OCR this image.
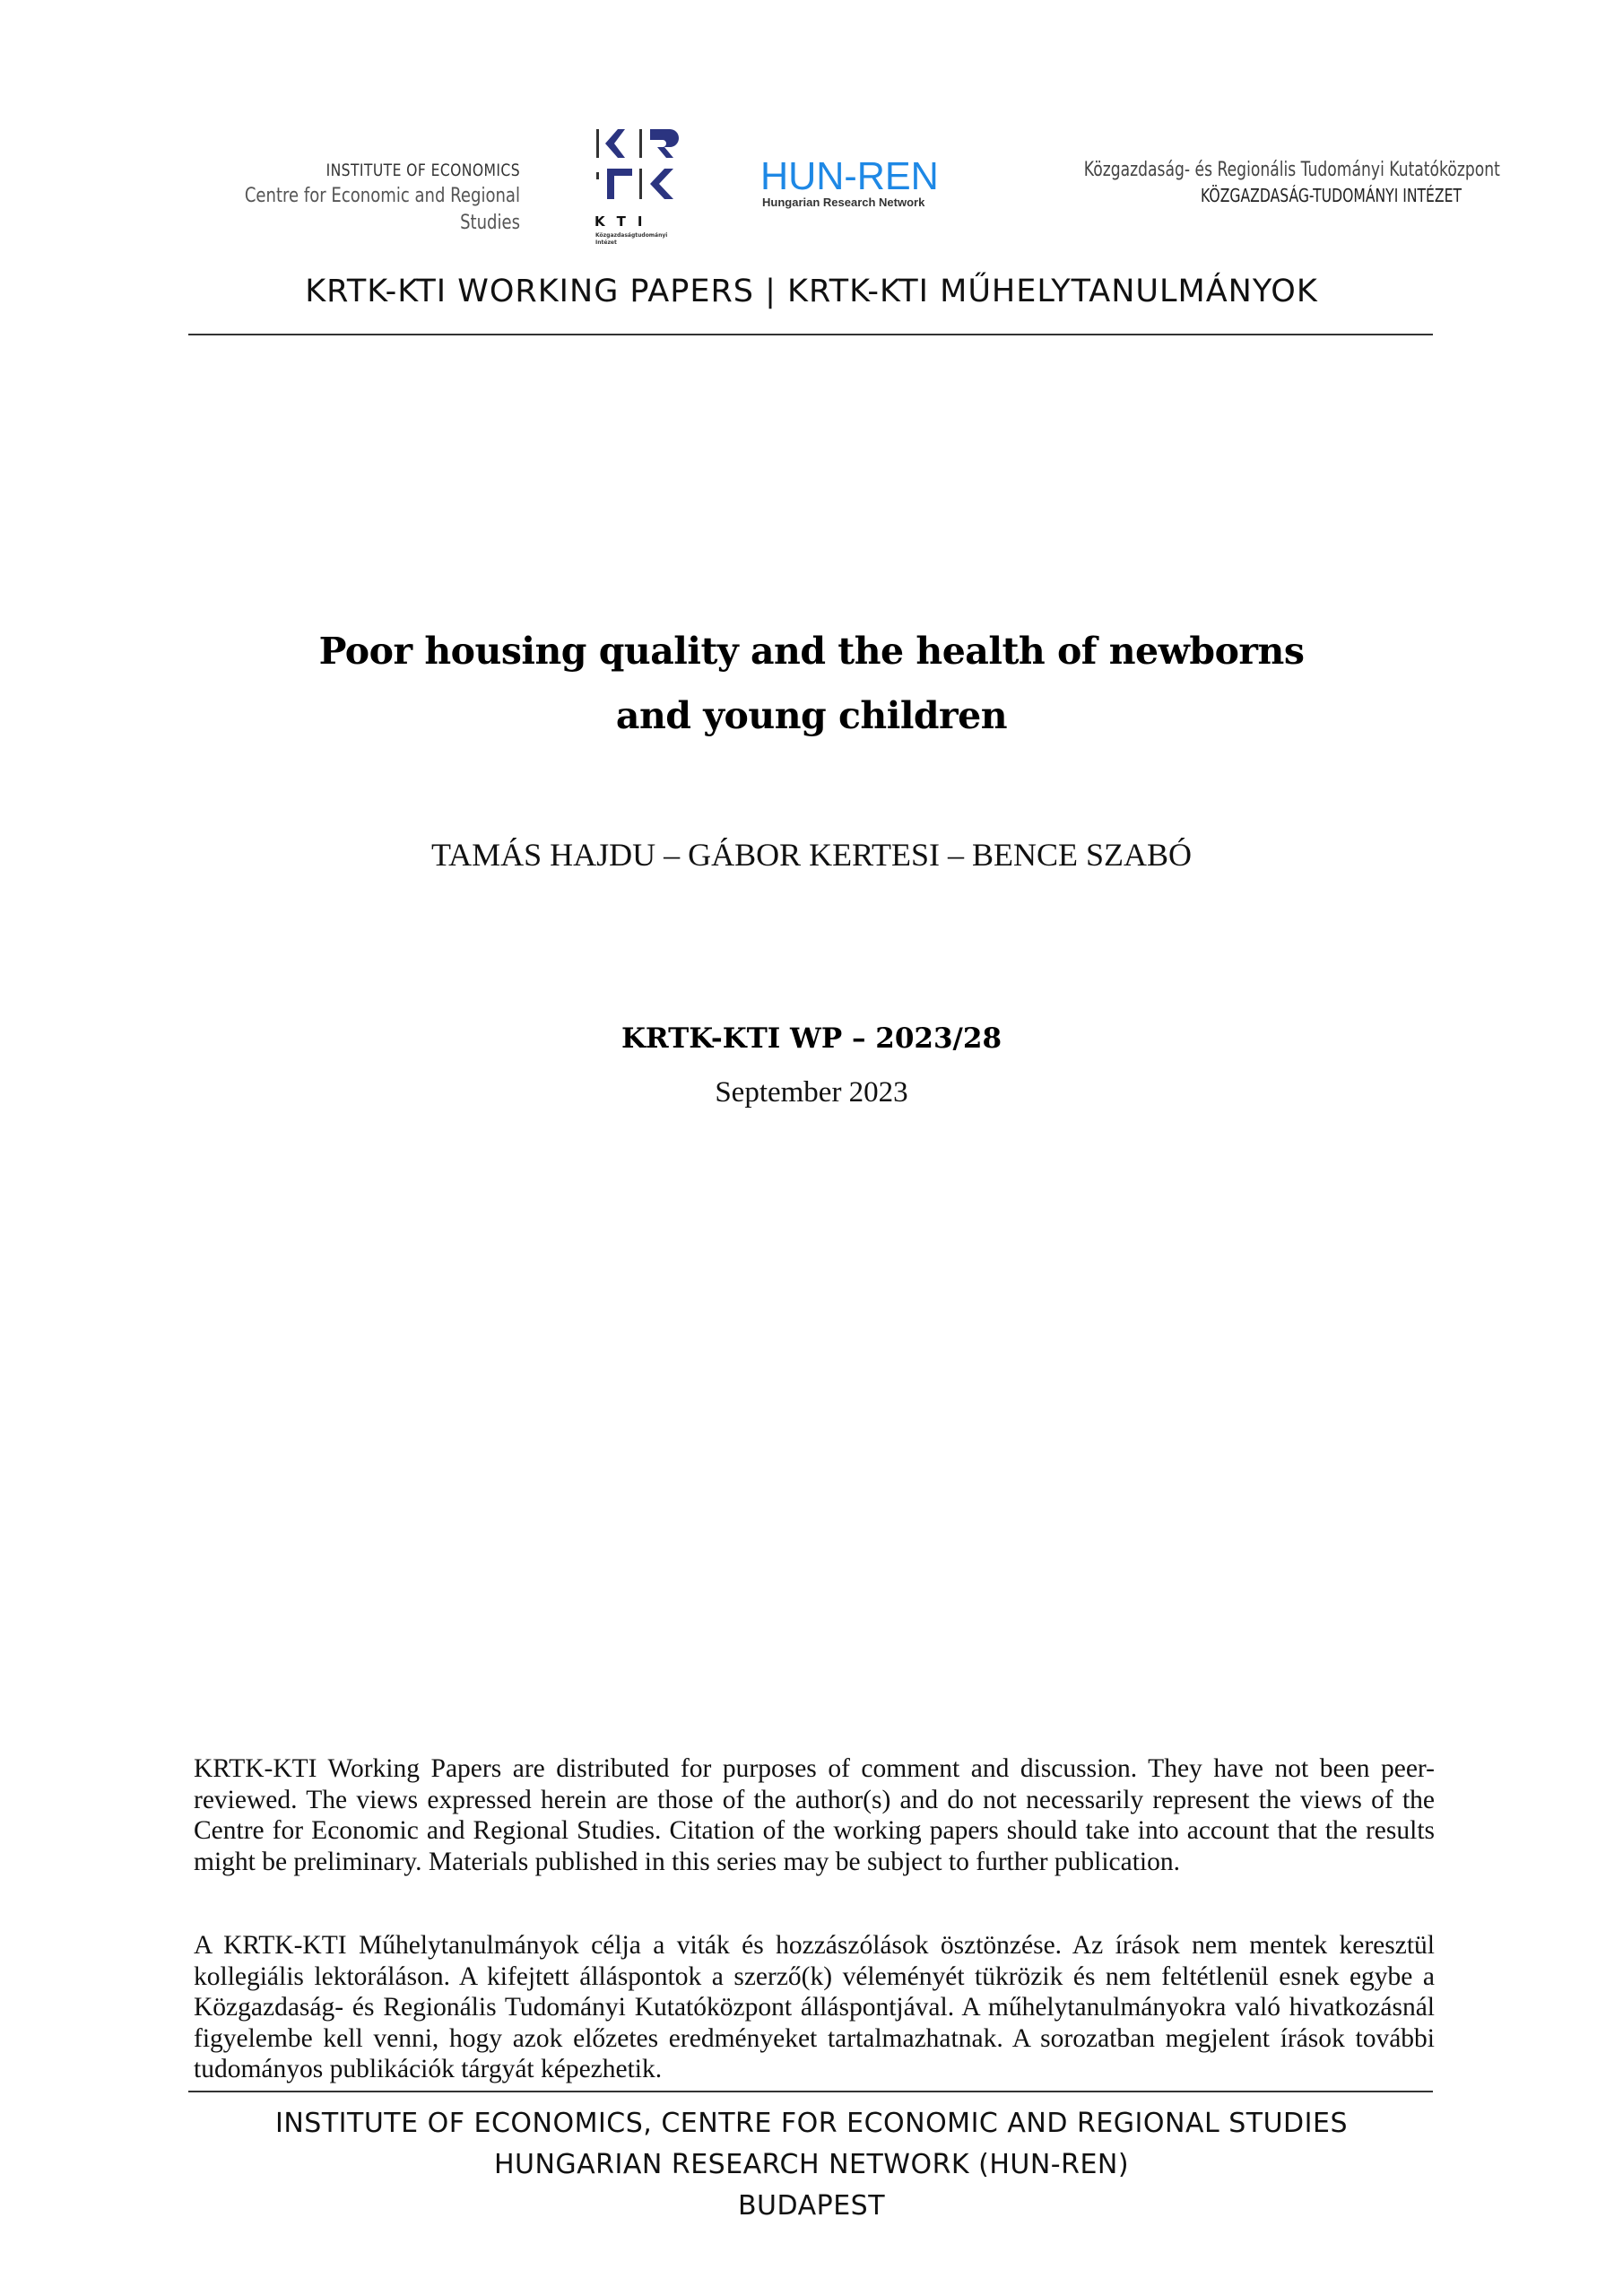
INSTITUTE OF ECONOMICS
Centre for Economic and Regional Studies	KTI
Közgazdaságtudományi
Intézet
HUN-REN
Hungarian Research Network
Közgazdaság- és Regionális Tudományi Kutatóközpont
KÖZGAZDASÁG-TUDOMÁNYI INTÉZET
KRTK-KTI WORKING PAPERS | KRTK-KTI MŰHELYTANULMÁNYOK
Poor housing quality and the health of newborns
and young children
TAMÁS HAJDU – GÁBOR KERTESI – BENCE SZABÓ
KRTK-KTI WP – 2023/28
September 2023
KRTK-KTI Working Papers are distributed for purposes of comment and discussion. They have not been peer-reviewed. The views expressed herein are those of the author(s) and do not necessarily represent the views of the Centre for Economic and Regional Studies. Citation of the working papers should take into account that the results might be preliminary. Materials published in this series may be subject to further publication.
A KRTK-KTI Műhelytanulmányok célja a viták és hozzászólások ösztönzése. Az írások nem mentek keresztül kollegiális lektoráláson. A kifejtett álláspontok a szerző(k) véleményét tükrözik és nem feltétlenül esnek egybe a Közgazdaság- és Regionális Tudományi Kutatóközpont álláspontjával. A műhelytanulmányokra való hivatkozásnál figyelembe kell venni, hogy azok előzetes eredményeket tartalmazhatnak. A sorozatban megjelent írások további tudományos publikációk tárgyát képezhetik.
INSTITUTE OF ECONOMICS, CENTRE FOR ECONOMIC AND REGIONAL STUDIES
HUNGARIAN RESEARCH NETWORK (HUN-REN)
BUDAPEST
